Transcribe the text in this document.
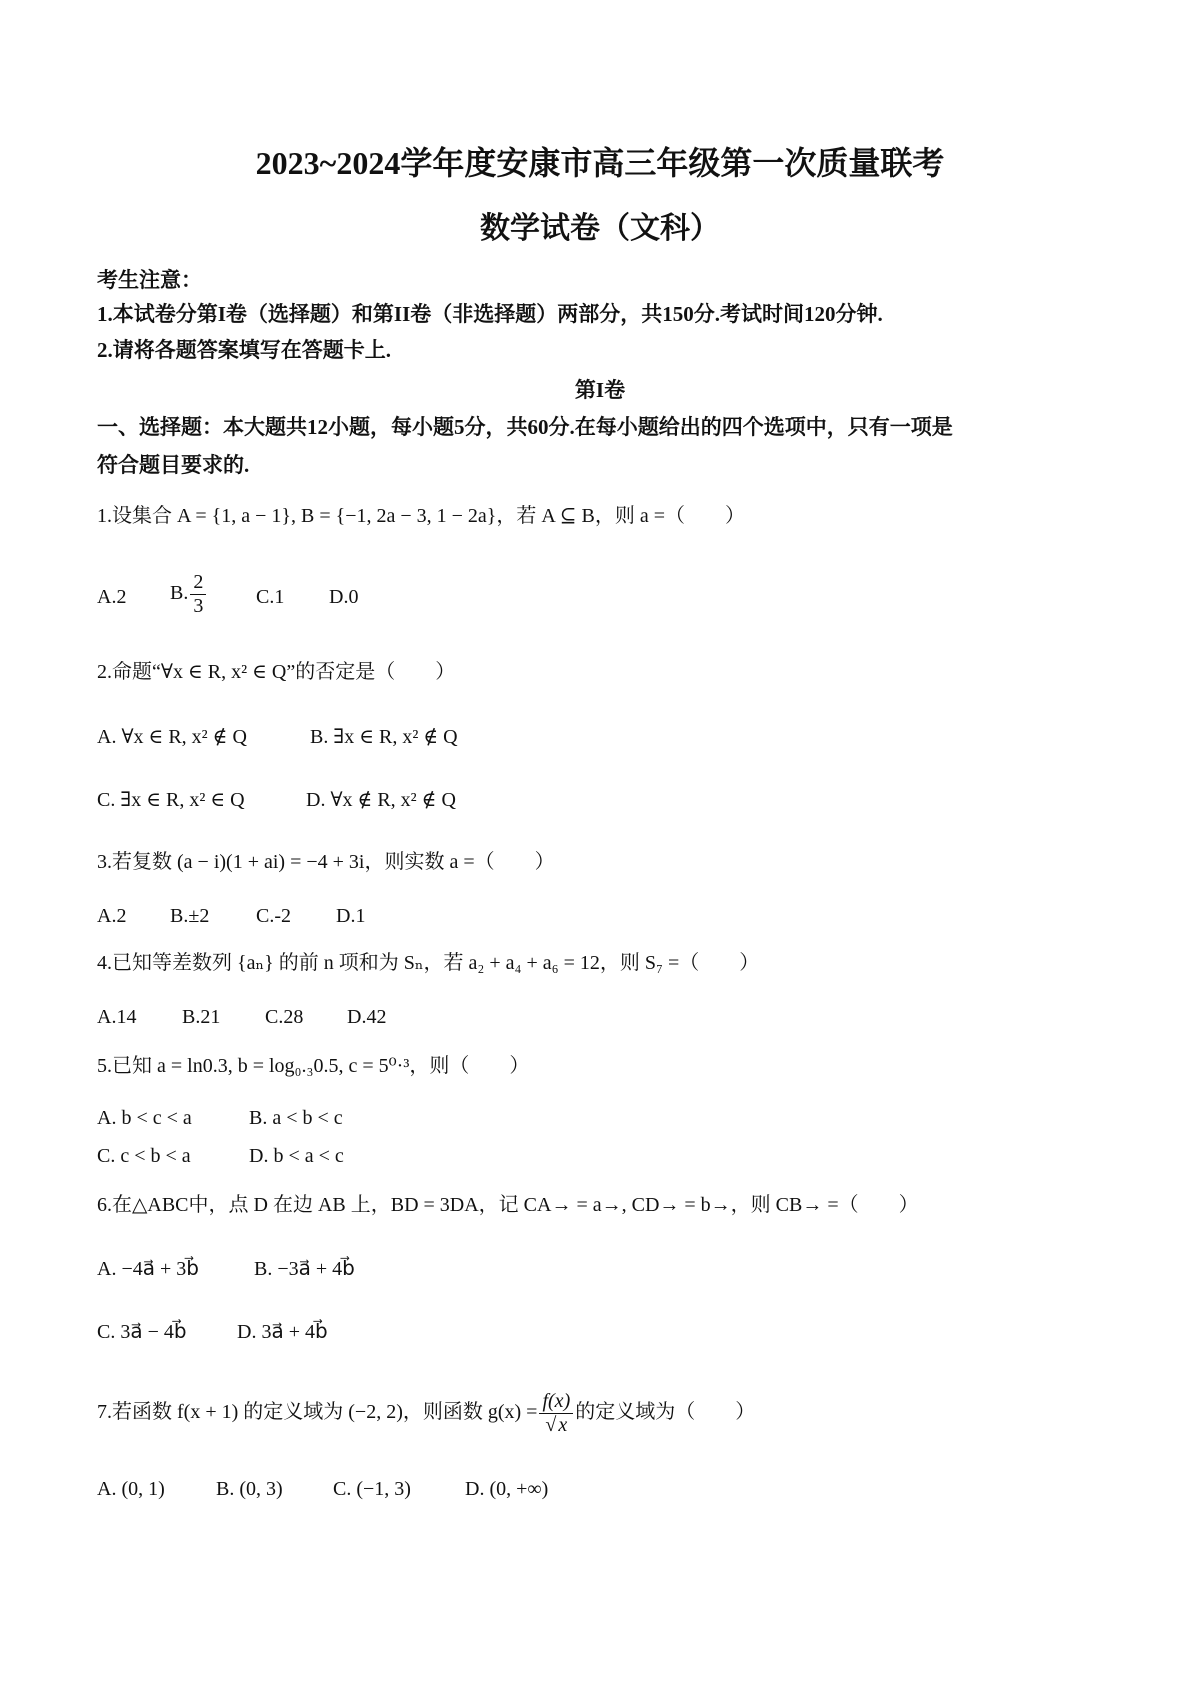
2023~2024学年度安康市高三年级第一次质量联考
数学试卷（文科）
考生注意：
1.本试卷分第I卷（选择题）和第II卷（非选择题）两部分，共150分.考试时间120分钟.
2.请将各题答案填写在答题卡上.
第I卷
一、选择题：本大题共12小题，每小题5分，共60分.在每小题给出的四个选项中，只有一项是
符合题目要求的.
1.设集合 A = {1, a − 1}, B = {−1, 2a − 3, 1 − 2a}，若 A ⊆ B，则 a =（　　）
A.2 B. $\frac{2}{3} C.1$ D.0
2.命题“∀x ∈ R, x² ∈ Q”的否定是（　　）
A. ∀x ∈ R, x² ∉ Q	B. ∃x ∈ R, x² ∉ Q
C. ∃x ∈ R, x² ∈ Q	D. ∀x ∉ R, x² ∉ Q
3.若复数 (a − i)(1 + ai) = −4 + 3i，则实数 a =（　　）
A.2 B.±2 C.-2 D.1
4.已知等差数列 {aₙ} 的前 n 项和为 Sₙ，若 a₂ + a₄ + a₆ = 12，则 S₇ =（　　）
A.14 B.21 C.28 D.42
5.已知 a = ln0.3, b = log₀.₃0.5, c = 5⁰·³，则（　　）
A. b < c < a	B. a < b < c
C. c < b < a	D. b < a < c
6.在△ABC中，点 D 在边 AB 上，BD = 3DA，记 CA→ = a→, CD→ = b→，则 CB→ =（　　）
A. −4a⃗ + 3b⃗	B. −3a⃗ + 4b⃗
C. 3a⃗ − 4b⃗	D. 3a⃗ + 4b⃗
7.若函数 f(x + 1) 的定义域为 (−2, 2)，则函数 $g(x) = \frac{f(x)}{√ x}$ 的定义域为（　　）
A. (0, 1)	B. (0, 3)	C. (−1, 3)	D. (0, +∞)
